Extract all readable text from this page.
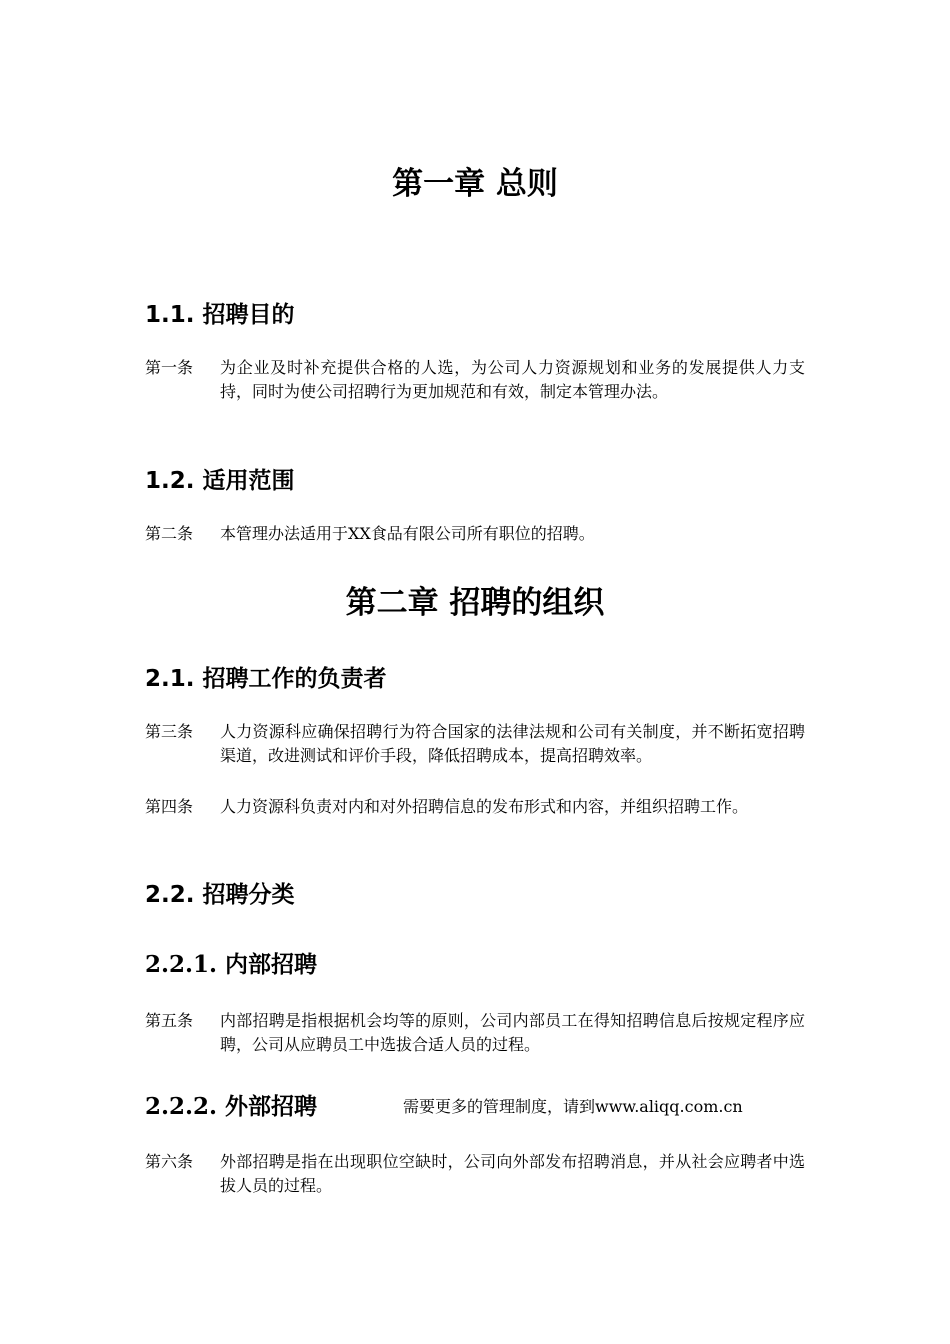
第一章 总则
1.1. 招聘目的
第一条 为企业及时补充提供合格的人选，为公司人力资源规划和业务的发展提供人力支持，同时为使公司招聘行为更加规范和有效，制定本管理办法。
1.2. 适用范围
第二条 本管理办法适用于XX食品有限公司所有职位的招聘。
第二章 招聘的组织
2.1. 招聘工作的负责者
第三条 人力资源科应确保招聘行为符合国家的法律法规和公司有关制度，并不断拓宽招聘渠道，改进测试和评价手段，降低招聘成本，提高招聘效率。
第四条 人力资源科负责对内和对外招聘信息的发布形式和内容，并组织招聘工作。
2.2. 招聘分类
2.2.1. 内部招聘
第五条 内部招聘是指根据机会均等的原则，公司内部员工在得知招聘信息后按规定程序应聘，公司从应聘员工中选拔合适人员的过程。
2.2.2. 外部招聘	需要更多的管理制度，请到www.aliqq.com.cn
第六条 外部招聘是指在出现职位空缺时，公司向外部发布招聘消息，并从社会应聘者中选拔人员的过程。
